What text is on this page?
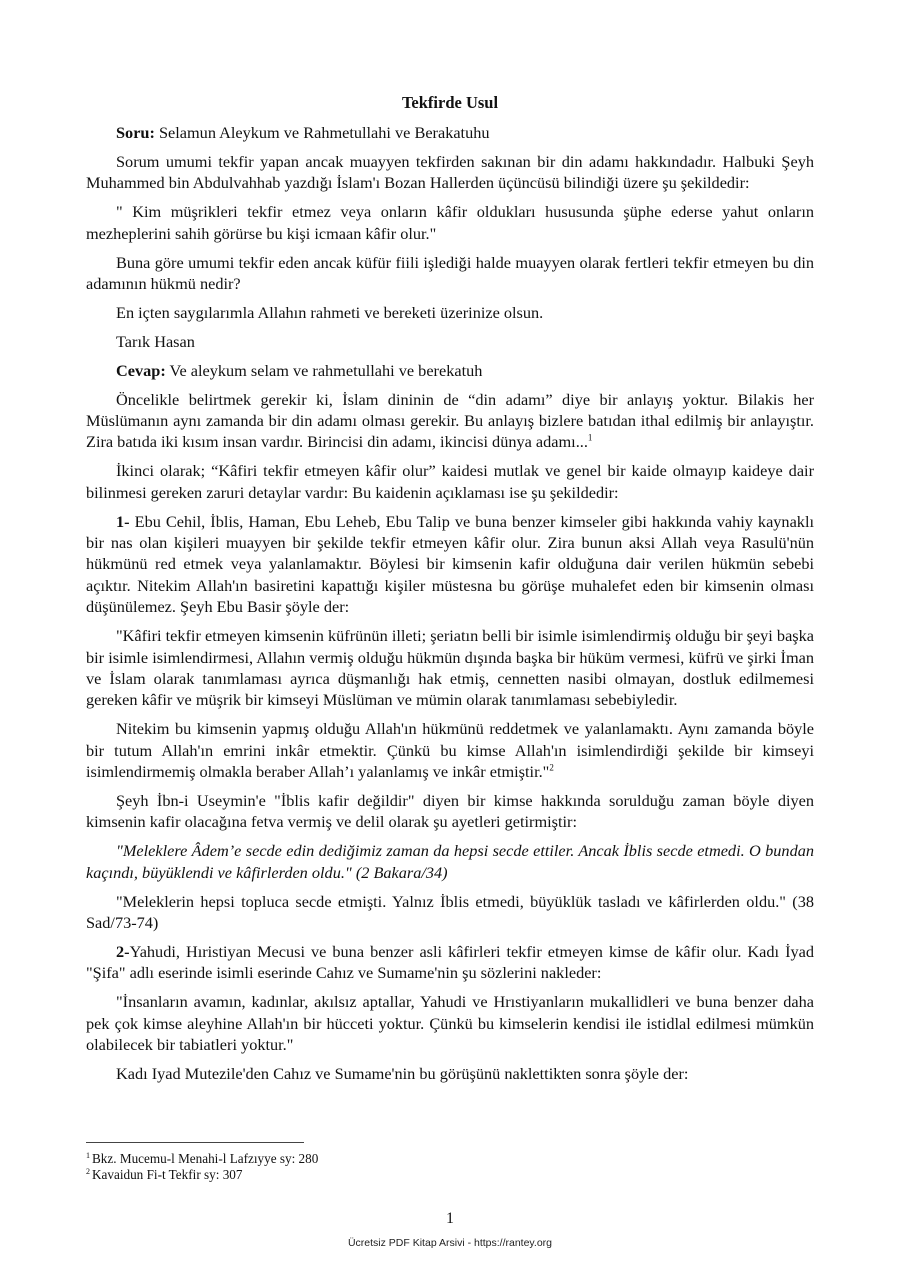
Tekfirde Usul

Soru: Selamun Aleykum ve Rahmetullahi ve Berakatuhu

Sorum umumi tekfir yapan ancak muayyen tekfirden sakınan bir din adamı hakkındadır. Halbuki Şeyh Muhammed bin Abdulvahhab yazdığı İslam'ı Bozan Hallerden üçüncüsü bilindiği üzere şu şekildedir:

" Kim müşrikleri tekfir etmez veya onların kâfir oldukları hususunda şüphe ederse yahut onların mezheplerini sahih görürse bu kişi icmaan kâfir olur."

Buna göre umumi tekfir eden ancak küfür fiili işlediği halde muayyen olarak fertleri tekfir etmeyen bu din adamının hükmü nedir?

En içten saygılarımla Allahın rahmeti ve bereketi üzerinize olsun.

Tarık Hasan

Cevap: Ve aleykum selam ve rahmetullahi ve berekatuh

Öncelikle belirtmek gerekir ki, İslam dininin de “din adamı” diye bir anlayış yoktur. Bilakis her Müslümanın aynı zamanda bir din adamı olması gerekir. Bu anlayış bizlere batıdan ithal edilmiş bir anlayıştır. Zira batıda iki kısım insan vardır. Birincisi din adamı, ikincisi dünya adamı...$^1$

İkinci olarak; “Kâfiri tekfir etmeyen kâfir olur” kaidesi mutlak ve genel bir kaide olmayıp kaideye dair bilinmesi gereken zaruri detaylar vardır: Bu kaidenin açıklaması ise şu şekildedir:

1- Ebu Cehil, İblis, Haman, Ebu Leheb, Ebu Talip ve buna benzer kimseler gibi hakkında vahiy kaynaklı bir nas olan kişileri muayyen bir şekilde tekfir etmeyen kâfir olur. Zira bunun aksi Allah veya Rasulü'nün hükmünü red etmek veya yalanlamaktır. Böylesi bir kimsenin kafir olduğuna dair verilen hükmün sebebi açıktır. Nitekim Allah'ın basiretini kapattığı kişiler müstesna bu görüşe muhalefet eden bir kimsenin olması düşünülemez. Şeyh Ebu Basir şöyle der:

"Kâfiri tekfir etmeyen kimsenin küfrünün illeti; şeriatın belli bir isimle isimlendirmiş olduğu bir şeyi başka bir isimle isimlendirmesi, Allahın vermiş olduğu hükmün dışında başka bir hüküm vermesi, küfrü ve şirki İman ve İslam olarak tanımlaması ayrıca düşmanlığı hak etmiş, cennetten nasibi olmayan, dostluk edilmemesi gereken kâfir ve müşrik bir kimseyi Müslüman ve mümin olarak tanımlaması sebebiyledir.

Nitekim bu kimsenin yapmış olduğu Allah'ın hükmünü reddetmek ve yalanlamaktı. Aynı zamanda böyle bir tutum Allah'ın emrini inkâr etmektir. Çünkü bu kimse Allah'ın isimlendirdiği şekilde bir kimseyi isimlendirmemiş olmakla beraber Allah’ı yalanlamış ve inkâr etmiştir."$^2$

Şeyh İbn-i Useymin'e "İblis kafir değildir" diyen bir kimse hakkında sorulduğu zaman böyle diyen kimsenin kafir olacağına fetva vermiş ve delil olarak şu ayetleri getirmiştir:

"Meleklere Âdem’e secde edin dediğimiz zaman da hepsi secde ettiler. Ancak İblis secde etmedi. O bundan kaçındı, büyüklendi ve kâfirlerden oldu." (2 Bakara/34)

"Meleklerin hepsi topluca secde etmişti. Yalnız İblis etmedi, büyüklük tasladı ve kâfirlerden oldu." (38 Sad/73-74)

2-Yahudi, Hıristiyan Mecusi ve buna benzer asli kâfirleri tekfir etmeyen kimse de kâfir olur. Kadı İyad "Şifa" adlı eserinde isimli eserinde Cahız ve Sumame'nin şu sözlerini nakleder:

"İnsanların avamın, kadınlar, akılsız aptallar, Yahudi ve Hrıstiyanların mukallidleri ve buna benzer daha pek çok kimse aleyhine Allah'ın bir hücceti yoktur. Çünkü bu kimselerin kendisi ile istidlal edilmesi mümkün olabilecek bir tabiatleri yoktur."

Kadı Iyad Mutezile'den Cahız ve Sumame'nin bu görüşünü naklettikten sonra şöyle der:

$^1$ Bkz. Mucemu-l Menahi-l Lafzıyye sy: 280

$^2$ Kavaidun Fi-t Tekfir sy: 307

1
Ücretsiz PDF Kitap Arsivi - https://rantey.org
